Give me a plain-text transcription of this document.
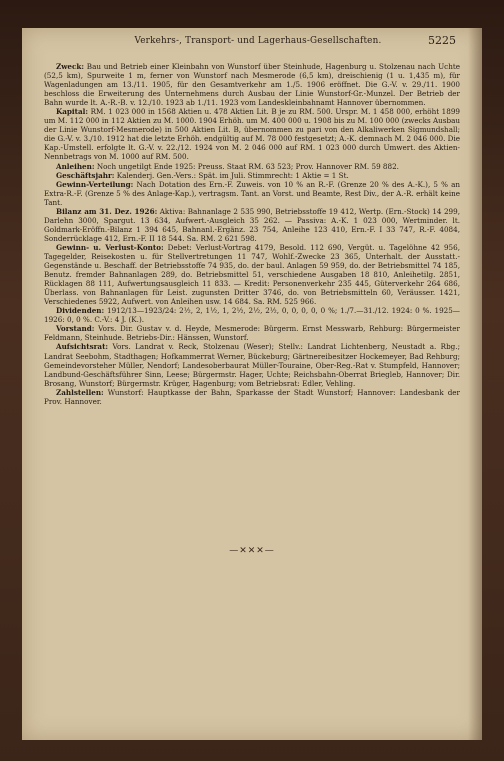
Verkehrs-, Transport- und Lagerhaus-Gesellschaften.	5225

Zweck: Bau und Betrieb einer Kleinbahn von Wunstorf über Steinhude, Hagenburg u. Stolzenau nach Uchte (52,5 km), Spurweite 1 m, ferner von Wunstorf nach Mesmerode (6,5 km), dreischienig (1 u. 1,435 m), für Wagenladungen am 13./11. 1905, für den Gesamtverkehr am 1./5. 1906 eröffnet. Die G.-V. v. 29./11. 1900 beschloss die Erweiterung des Unternehmens durch Ausbau der Linie Wunstorf-Gr.-Munzel. Der Betrieb der Bahn wurde lt. A.-R.-B. v. 12./10. 1923 ab 1./11. 1923 vom Landeskleinbahnamt Hannover übernommen.

Kapital: RM. 1 023 000 in 1568 Aktien u. 478 Aktien Lit. B je zu RM. 500. Urspr. M. 1 458 000, erhöht 1899 um M. 112 000 in 112 Aktien zu M. 1000. 1904 Erhöh. um M. 400 000 u. 1908 bis zu M. 100 000 (zwecks Ausbau der Linie Wunstorf-Mesmerode) in 500 Aktien Lit. B, übernommen zu pari von den Alkaliwerken Sigmundshall; die G.-V. v. 3./10. 1912 hat die letzte Erhöh. endgültig auf M. 78 000 festgesetzt; A.-K. demnach M. 2 046 000. Die Kap.-Umstell. erfolgte lt. G.-V. v. 22./12. 1924 von M. 2 046 000 auf RM. 1 023 000 durch Umwert. des Aktien-Nennbetrags von M. 1000 auf RM. 500.

Anleihen: Noch ungetilgt Ende 1925: Preuss. Staat RM. 63 523; Prov. Hannover RM. 59 882.

Geschäftsjahr: Kalenderj. Gen.-Vers.: Spät. im Juli. Stimmrecht: 1 Aktie = 1 St.

Gewinn-Verteilung: Nach Dotation des Ern.-F. Zuweis. von 10 % an R.-F. (Grenze 20 % des A.-K.), 5 % an Extra-R.-F. (Grenze 5 % des Anlage-Kap.), vertragsm. Tant. an Vorst. und Beamte, Rest Div., der A.-R. erhält keine Tant.

Bilanz am 31. Dez. 1926: Aktiva: Bahnanlage 2 535 990, Betriebsstoffe 19 412, Wertp. (Ern.-Stock) 14 299, Darlehn 3000, Spargut. 13 634, Aufwert.-Ausgleich 35 262. — Passiva: A.-K. 1 023 000, Wertminder. lt. Goldmark-Eröffn.-Bilanz 1 394 645, Bahnanl.-Ergänz. 23 754, Anleihe 123 410, Ern.-F. I 33 747, R.-F. 4084, Sonderrücklage 412, Ern.-F. II 18 544. Sa. RM. 2 621 598.

Gewinn- u. Verlust-Konto: Debet: Verlust-Vortrag 4179, Besold. 112 690, Vergüt. u. Tagelöhne 42 956, Tagegelder, Reisekosten u. für Stellvertretungen 11 747, Wohlf.-Zwecke 23 365, Unterhalt. der Ausstatt.-Gegenstände u. Beschaff. der Betriebsstoffe 74 935, do. der baul. Anlagen 59 959, do. der Betriebsmittel 74 185, Benutz. fremder Bahnanlagen 289, do. Betriebsmittel 51, verschiedene Ausgaben 18 810, Anleihetilg. 2851, Rücklagen 88 111, Aufwertungsausgleich 11 833. — Kredit: Personenverkehr 235 445, Güterverkehr 264 686, Überlass. von Bahnanlagen für Leist. zugunsten Dritter 3746, do. von Betriebsmitteln 60, Veräusser. 1421, Verschiedenes 5922, Aufwert. von Anleihen usw. 14 684. Sa. RM. 525 966.

Dividenden: 1912/13—1923/24: 2½, 2, 1½, 1, 2½, 2½, 2½, 0, 0, 0, 0, 0 %; 1./7.—31./12. 1924: 0 %. 1925—1926: 0, 0 %. C.-V.: 4 J. (K.).

Vorstand: Vors. Dir. Gustav v. d. Heyde, Mesmerode: Bürgerm. Ernst Messwarb, Rehburg: Bürgermeister Feldmann, Steinhude. Betriebs-Dir.: Hänssen, Wunstorf.

Aufsichtsrat: Vors. Landrat v. Reck, Stolzenau (Weser); Stellv.: Landrat Lichtenberg, Neustadt a. Rbg.; Landrat Seebohm, Stadthagen; Hofkammerrat Werner, Bückeburg; Gärtnereibesitzer Hockemeyer, Bad Rehburg; Gemeindevorsteher Müller, Nendorf; Landesoberbaurat Müller-Touraine, Ober-Reg.-Rat v. Stumpfeld, Hannover; Landbund-Geschäftsführer Sinn, Leese; Bürgermstr. Hager, Uchte; Reichsbahn-Oberrat Briegleb, Hannover; Dir. Brosang, Wunstorf; Bürgermstr. Krüger, Hagenburg; vom Betriebsrat: Edler, Vehling.

Zahlstellen: Wunstorf: Hauptkasse der Bahn, Sparkasse der Stadt Wunstorf; Hannover: Landesbank der Prov. Hannover.

—✕✕✕—
